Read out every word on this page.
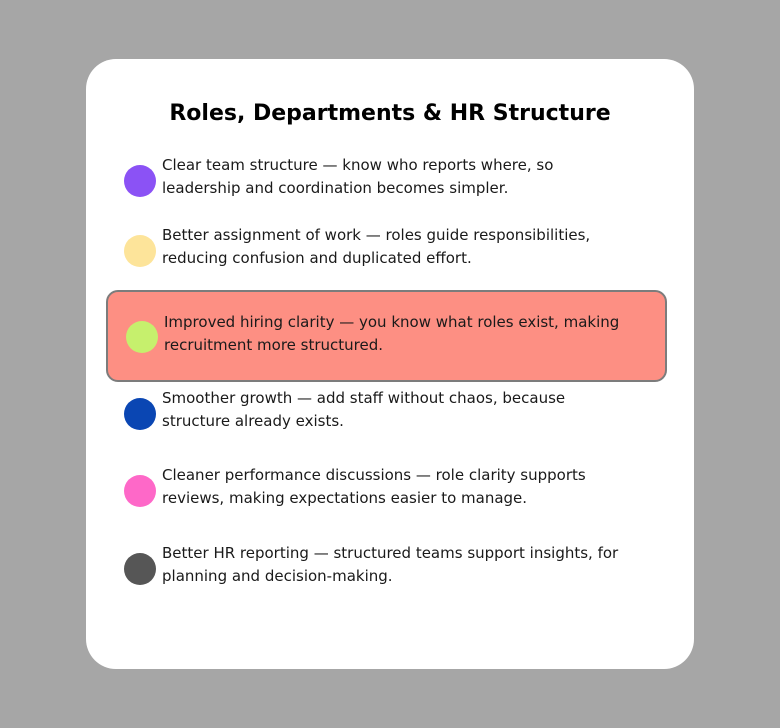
Roles, Departments & HR Structure
Clear team structure — know who reports where, so leadership and coordination becomes simpler.
Better assignment of work — roles guide responsibilities, reducing confusion and duplicated effort.
Improved hiring clarity — you know what roles exist, making recruitment more structured.
Smoother growth — add staff without chaos, because structure already exists.
Cleaner performance discussions — role clarity supports reviews, making expectations easier to manage.
Better HR reporting — structured teams support insights, for planning and decision-making.
